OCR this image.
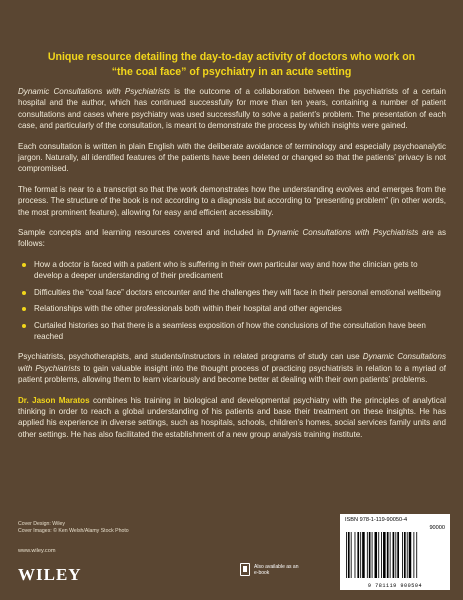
Unique resource detailing the day-to-day activity of doctors who work on “the coal face” of psychiatry in an acute setting

Dynamic Consultations with Psychiatrists is the outcome of a collaboration between the psychiatrists of a certain hospital and the author, which has continued successfully for more than ten years, containing a number of patient consultations and cases where psychiatry was used successfully to solve a patient’s problem. The presentation of each case, and particularly of the consultation, is meant to demonstrate the process by which insights were gained.

Each consultation is written in plain English with the deliberate avoidance of terminology and especially psychoanalytic jargon. Naturally, all identified features of the patients have been deleted or changed so that the patients’ privacy is not compromised.

The format is near to a transcript so that the work demonstrates how the understanding evolves and emerges from the process. The structure of the book is not according to a diagnosis but according to “presenting problem” (in other words, the most prominent feature), allowing for easy and efficient accessibility.

Sample concepts and learning resources covered and included in Dynamic Consultations with Psychiatrists are as follows:

How a doctor is faced with a patient who is suffering in their own particular way and how the clinician gets to develop a deeper understanding of their predicament
Difficulties the “coal face” doctors encounter and the challenges they will face in their personal emotional wellbeing
Relationships with the other professionals both within their hospital and other agencies
Curtailed histories so that there is a seamless exposition of how the conclusions of the consultation have been reached

Psychiatrists, psychotherapists, and students/instructors in related programs of study can use Dynamic Consultations with Psychiatrists to gain valuable insight into the thought process of practicing psychiatrists in relation to a myriad of patient problems, allowing them to learn vicariously and become better at dealing with their own patients’ problems.

Dr. Jason Maratos combines his training in biological and developmental psychiatry with the principles of analytical thinking in order to reach a global understanding of his patients and base their treatment on these insights. He has applied his experience in diverse settings, such as hospitals, schools, children’s homes, social services family units and other settings. He has also facilitated the establishment of a new group analysis training institute.

Cover Design: Wiley
Cover Images: © Ken Welsh/Alamy Stock Photo
www.wiley.com
WILEY	Also available as an e-book
ISBN 978-1-119-90050-4
90000
9 781119 900504
